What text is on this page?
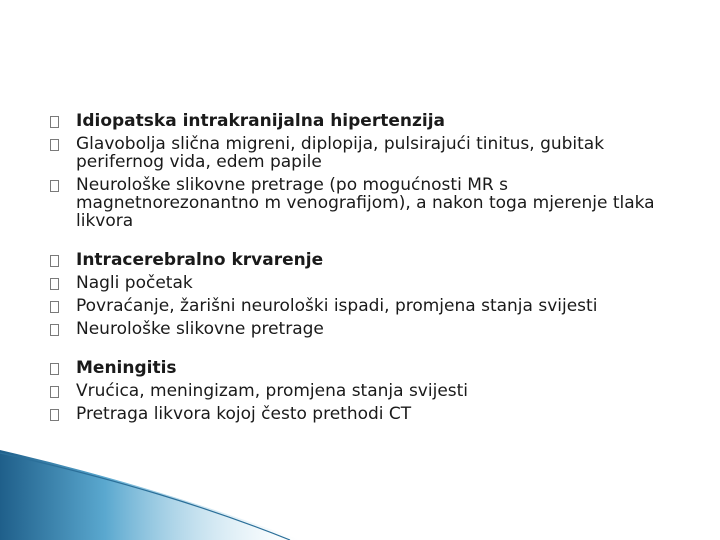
Idiopatska intrakranijalna hipertenzija
Glavobolja slična migreni, diplopija, pulsirajući tinitus, gubitak perifernog vida, edem papile
Neurološke slikovne pretrage (po mogućnosti MR s magnetnorezonantno m venografijom), a nakon toga mjerenje tlaka likvora
Intracerebralno krvarenje
Nagli početak
Povraćanje, žarišni neurološki ispadi, promjena stanja svijesti
Neurološke slikovne pretrage
Meningitis
Vrućica, meningizam, promjena stanja svijesti
Pretraga likvora kojoj često prethodi CT
